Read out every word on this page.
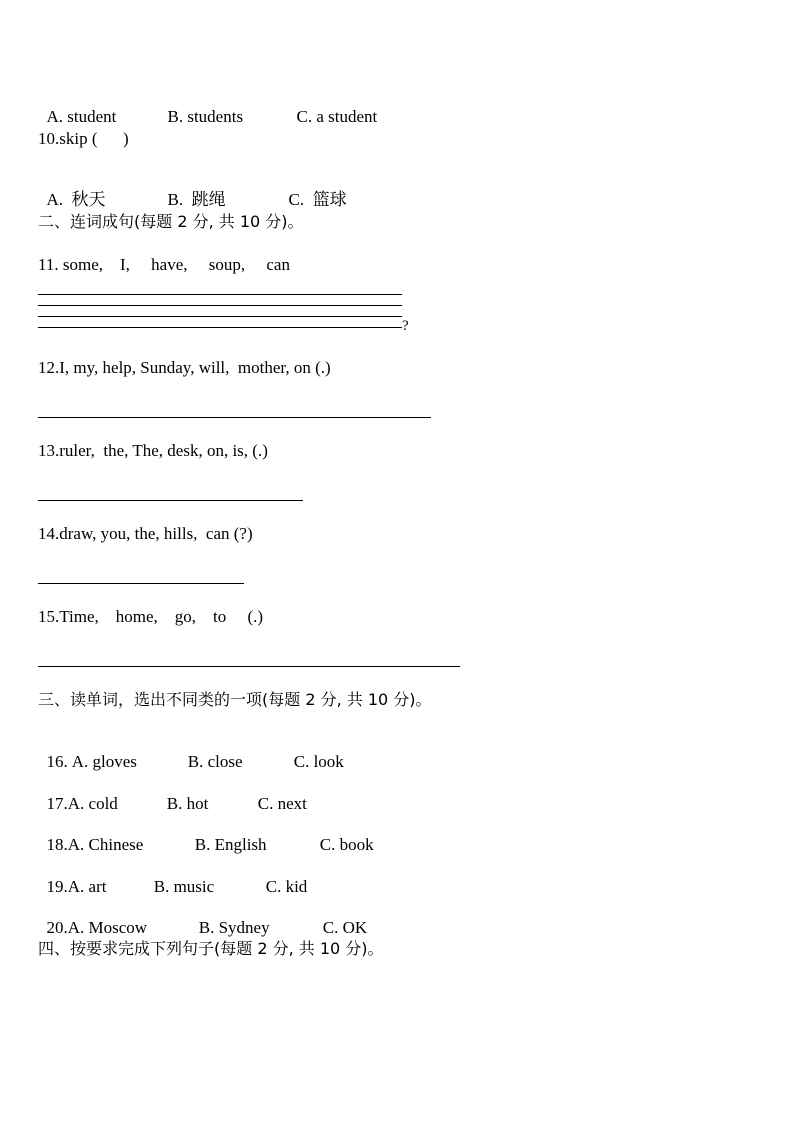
A. student	B. students	C. a student

10.skip (      )

A.  秋天	B.  跳绳	C.  篮球

二、连词成句(每题 2 分, 共 10 分)。
11. some,    I,     have,     soup,     can
?
12.I, my, help, Sunday, will,  mother, on (.)
13.ruler,  the, The, desk, on, is, (.)
14.draw, you, the, hills,  can (?)
15.Time,    home,    go,    to     (.)
三、读单词，选出不同类的一项(每题 2 分, 共 10 分)。

16. A. gloves	B. close	C. look

17.A. cold	B. hot	C. next

18.A. Chinese	B. English	C. book

19.A. art	B. music	C. kid

20.A. Moscow	B. Sydney	C. OK

四、按要求完成下列句子(每题 2 分, 共 10 分)。
